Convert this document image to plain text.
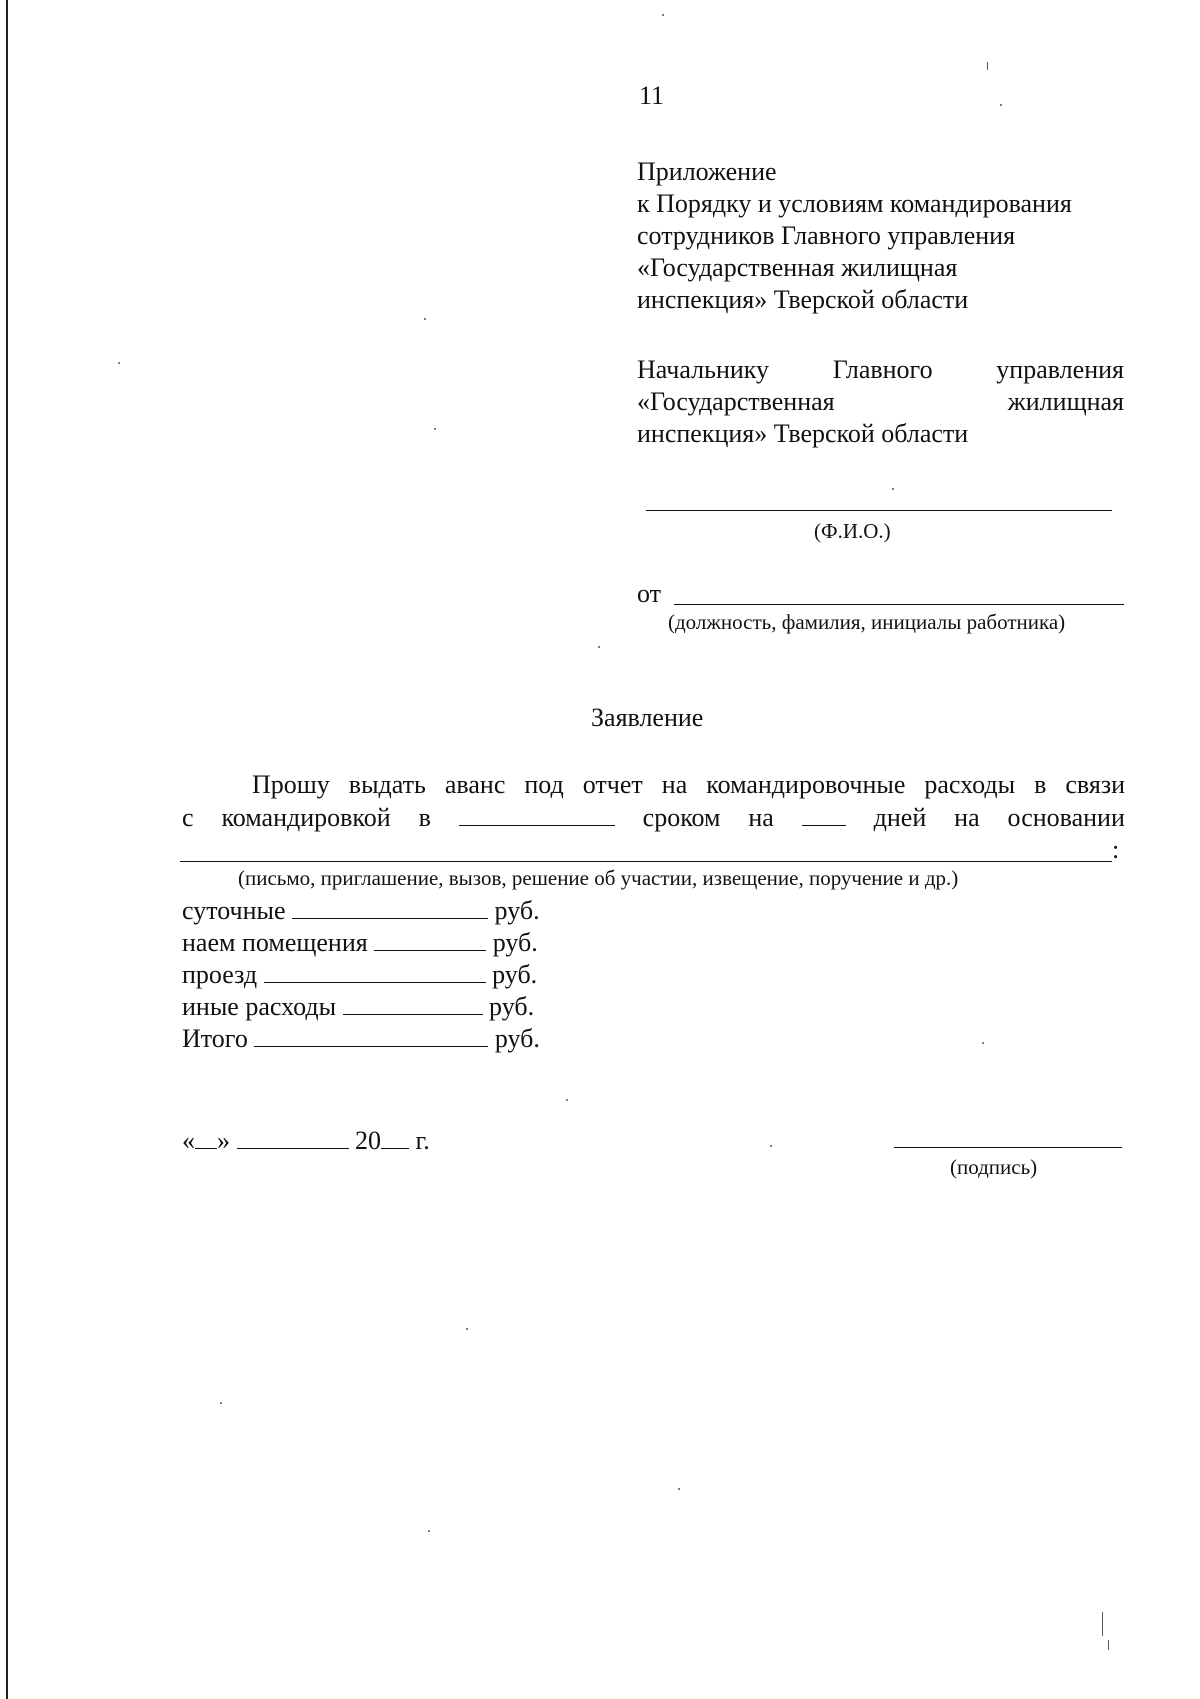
11
Приложение
к Порядку и условиям командирования
сотрудников Главного управления
«Государственная жилищная
инспекция» Тверской области
Начальнику Главного управления
«Государственная	жилищная
инспекция» Тверской области
(Ф.И.О.)
от
(должность, фамилия, инициалы работника)
Заявление
Прошу выдать аванс под отчет на командировочные расходы в связи
с командировкой в	сроком на	дней на основании
:
(письмо, приглашение, вызов, решение об участии, извещение, поручение и др.)
суточные	руб.
наем помещения	руб.
проезд	руб.
иные расходы	руб.
Итого	руб.
« »	20 г.
(подпись)
